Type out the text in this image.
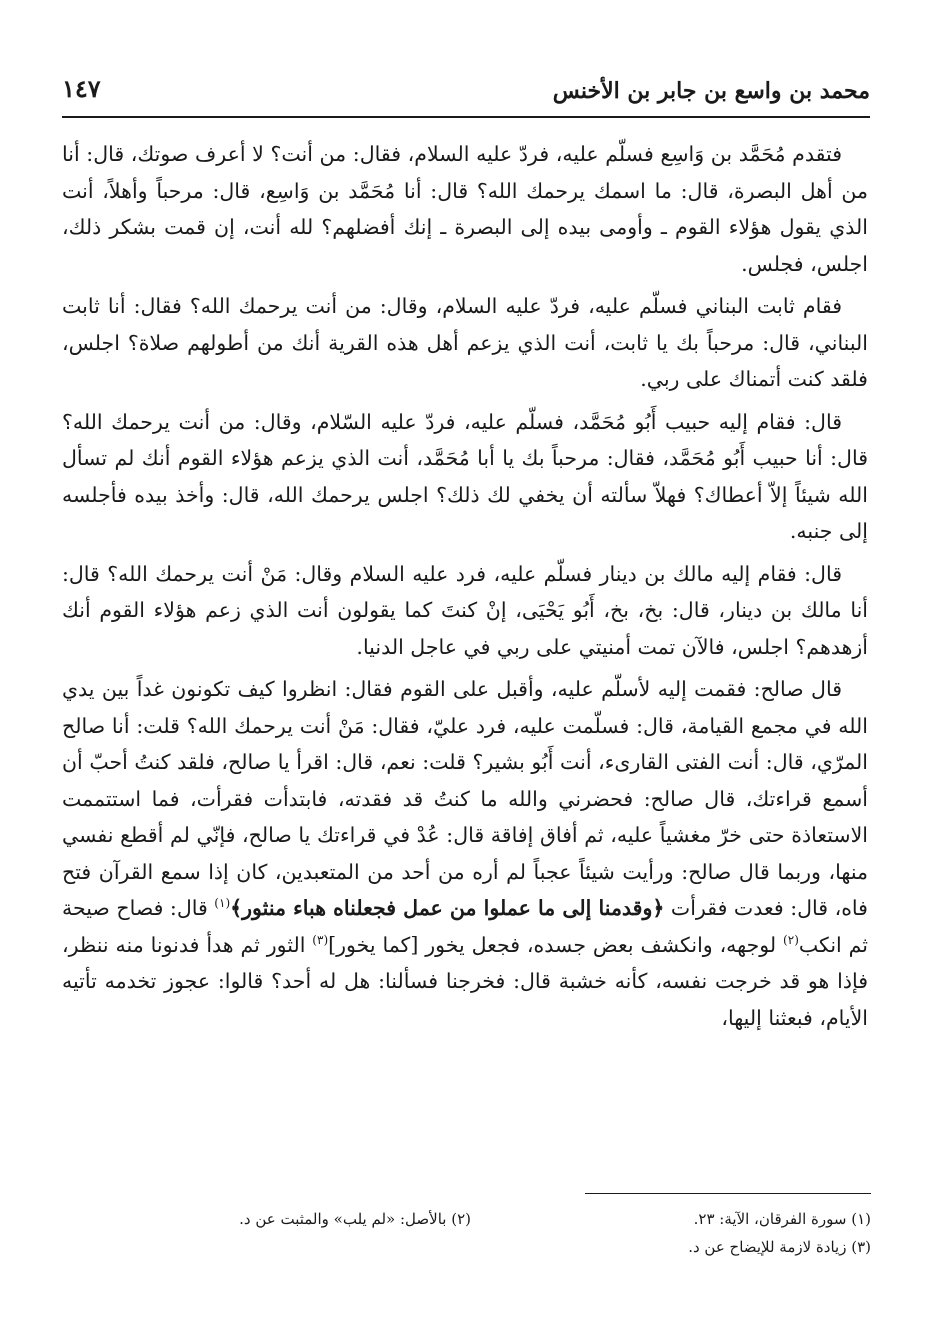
محمد بن واسع بن جابر بن الأخنس
١٤٧

فتقدم مُحَمَّد بن وَاسِع فسلّم عليه، فردّ عليه السلام، فقال: من أنت؟ لا أعرف صوتك، قال: أنا من أهل البصرة، قال: ما اسمك يرحمك الله؟ قال: أنا مُحَمَّد بن وَاسِع، قال: مرحباً وأهلاً، أنت الذي يقول هؤلاء القوم ـ وأومى بيده إلى البصرة ـ إنك أفضلهم؟ لله أنت، إن قمت بشكر ذلك، اجلس، فجلس.

فقام ثابت البناني فسلّم عليه، فردّ عليه السلام، وقال: من أنت يرحمك الله؟ فقال: أنا ثابت البناني، قال: مرحباً بك يا ثابت، أنت الذي يزعم أهل هذه القرية أنك من أطولهم صلاة؟ اجلس، فلقد كنت أتمناك على ربي.

قال: فقام إليه حبيب أَبُو مُحَمَّد، فسلّم عليه، فردّ عليه السّلام، وقال: من أنت يرحمك الله؟ قال: أنا حبيب أَبُو مُحَمَّد، فقال: مرحباً بك يا أبا مُحَمَّد، أنت الذي يزعم هؤلاء القوم أنك لم تسأل الله شيئاً إلاّ أعطاك؟ فهلاّ سألته أن يخفي لك ذلك؟ اجلس يرحمك الله، قال: وأخذ بيده فأجلسه إلى جنبه.

قال: فقام إليه مالك بن دينار فسلّم عليه، فرد عليه السلام وقال: مَنْ أنت يرحمك الله؟ قال: أنا مالك بن دينار، قال: بخ، بخ، أَبُو يَحْيَى، إنْ كنتَ كما يقولون أنت الذي زعم هؤلاء القوم أنك أزهدهم؟ اجلس، فالآن تمت أمنيتي على ربي في عاجل الدنيا.

قال صالح: فقمت إليه لأسلّم عليه، وأقبل على القوم فقال: انظروا كيف تكونون غداً بين يدي الله في مجمع القيامة، قال: فسلّمت عليه، فرد عليّ، فقال: مَنْ أنت يرحمك الله؟ قلت: أنا صالح المرّي، قال: أنت الفتى القارىء، أنت أَبُو بشير؟ قلت: نعم، قال: اقرأ يا صالح، فلقد كنتُ أحبّ أن أسمع قراءتك، قال صالح: فحضرني والله ما كنتُ قد فقدته، فابتدأت فقرأت، فما استتممت الاستعاذة حتى خرّ مغشياً عليه، ثم أفاق إفاقة قال: عُدْ في قراءتك يا صالح، فإنّي لم أقطع نفسي منها، وربما قال صالح: ورأيت شيئاً عجباً لم أره من أحد من المتعبدين، كان إذا سمع القرآن فتح فاه، قال: فعدت فقرأت ﴿وقدمنا إلى ما عملوا من عمل فجعلناه هباء منثور﴾$^{(١)}$ قال: فصاح صيحة ثم انكب$^{(٢)}$ لوجهه، وانكشف بعض جسده، فجعل يخور [كما يخور]$^{(٣)}$ الثور ثم هدأ فدنونا منه ننظر، فإذا هو قد خرجت نفسه، كأنه خشبة قال: فخرجنا فسألنا: هل له أحد؟ قالوا: عجوز تخدمه تأتيه الأيام، فبعثنا إليها،

(١) سورة الفرقان، الآية: ٢٣.
(٢) بالأصل: «لم يلب» والمثبت عن د.
(٣) زيادة لازمة للإيضاح عن د.
